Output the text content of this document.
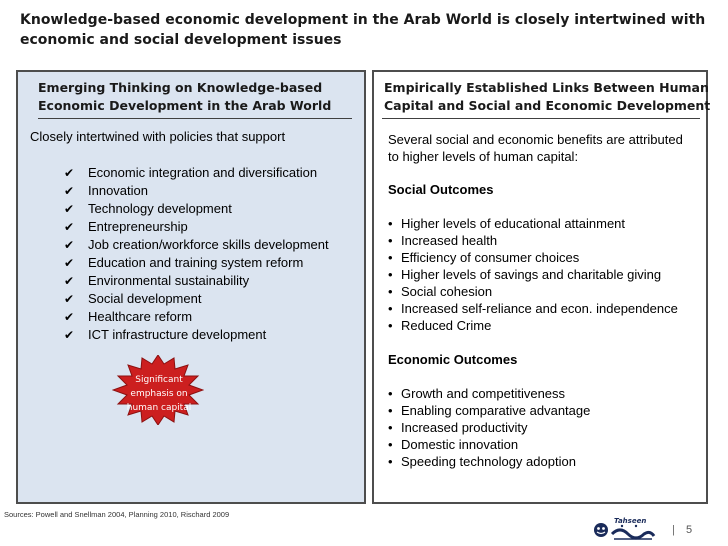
Knowledge-based economic development in the Arab World is closely intertwined with
economic and social development issues
Emerging Thinking on Knowledge-based
Economic Development in the Arab World
Closely intertwined with policies that support
✔ Economic integration and diversification
✔ Innovation
✔ Technology development
✔ Entrepreneurship
✔ Job creation/workforce skills development
✔ Education and training system reform
✔ Environmental sustainability
✔ Social development
✔ Healthcare reform
✔ ICT infrastructure development
Significant
emphasis on
human capital
Empirically Established Links Between Human
Capital and Social and Economic Development
Several social and economic benefits are attributed
to higher levels of human capital:
Social Outcomes
• Higher levels of educational attainment
• Increased health
• Efficiency of consumer choices
• Higher levels of savings and charitable giving
• Social cohesion
• Increased self-reliance and econ. independence
• Reduced Crime
Economic Outcomes
• Growth and competitiveness
• Enabling comparative advantage
• Increased productivity
• Domestic innovation
• Speeding technology adoption
Sources: Powell and Snellman 2004, Planning 2010, Rischard 2009
Tahseen
| 5
